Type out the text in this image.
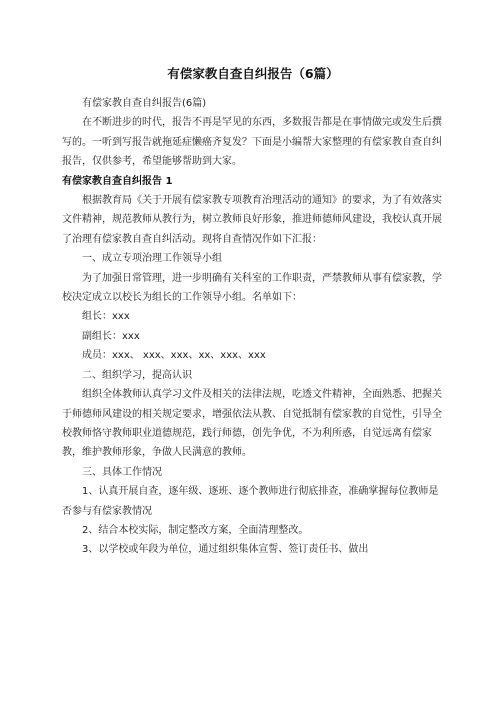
有偿家教自查自纠报告（6篇）

有偿家教自查自纠报告(6篇)

在不断进步的时代，报告不再是罕见的东西，多数报告都是在事情做完或发生后撰写的。一听到写报告就拖延症懒癌齐复发？下面是小编帮大家整理的有偿家教自查自纠报告，仅供参考，希望能够帮助到大家。

有偿家教自查自纠报告 1

根据教育局《关于开展有偿家教专项教育治理活动的通知》的要求，为了有效落实文件精神，规范教师从教行为，树立教师良好形象，推进师德师风建设，我校认真开展了治理有偿家教自查自纠活动。现将自查情况作如下汇报：

一、成立专项治理工作领导小组

为了加强日常管理，进一步明确有关科室的工作职责，严禁教师从事有偿家教，学校决定成立以校长为组长的工作领导小组。名单如下：

组长：xxx

副组长：xxx

成员：xxx、 xxx、xxx、xx、xxx、xxx

二、组织学习，提高认识

组织全体教师认真学习文件及相关的法律法规，吃透文件精神，全面熟悉、把握关于师德师风建设的相关规定要求，增强依法从教、自觉抵制有偿家教的自觉性，引导全校教师恪守教师职业道德规范，践行师德，创先争优，不为利所惑，自觉远离有偿家教，维护教师形象，争做人民满意的教师。

三、具体工作情况

1、认真开展自查，逐年级、逐班、逐个教师进行彻底排查，准确掌握每位教师是否参与有偿家教情况

2、结合本校实际，制定整改方案，全面清理整改。

3、以学校或年段为单位，通过组织集体宣誓、签订责任书、做出
